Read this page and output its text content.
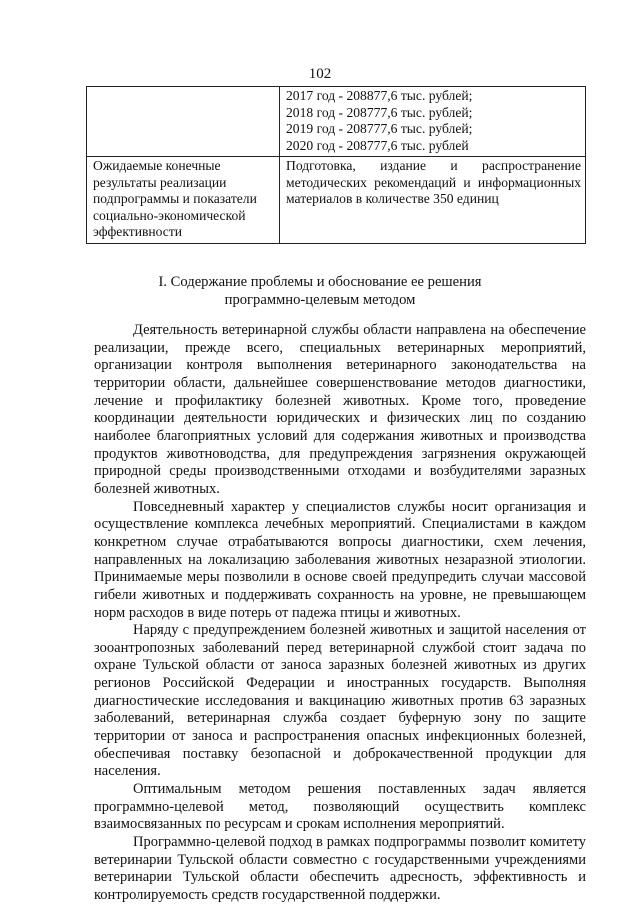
102

	2017 год - 208877,6 тыс. рублей;
2018 год - 208777,6 тыс. рублей;
2019 год - 208777,6 тыс. рублей;
2020 год - 208777,6 тыс. рублей

Ожидаемые конечные результаты реализации подпрограммы и показатели социально-экономической эффективности	Подготовка, издание и распространение методических рекомендаций и информационных материалов в количестве 350 единиц
I. Содержание проблемы и обоснование ее решения
программно-целевым методом

Деятельность ветеринарной службы области направлена на обеспечение реализации, прежде всего, специальных ветеринарных мероприятий, организации контроля выполнения ветеринарного законодательства на территории области, дальнейшее совершенствование методов диагностики, лечение и профилактику болезней животных. Кроме того, проведение координации деятельности юридических и физических лиц по созданию наиболее благоприятных условий для содержания животных и производства продуктов животноводства, для предупреждения загрязнения окружающей природной среды производственными отходами и возбудителями заразных болезней животных.

Повседневный характер у специалистов службы носит организация и осуществление комплекса лечебных мероприятий. Специалистами в каждом конкретном случае отрабатываются вопросы диагностики, схем лечения, направленных на локализацию заболевания животных незаразной этиологии. Принимаемые меры позволили в основе своей предупредить случаи массовой гибели животных и поддерживать сохранность на уровне, не превышающем норм расходов в виде потерь от падежа птицы и животных.

Наряду с предупреждением болезней животных и защитой населения от зооантропозных заболеваний перед ветеринарной службой стоит задача по охране Тульской области от заноса заразных болезней животных из других регионов Российской Федерации и иностранных государств. Выполняя диагностические исследования и вакцинацию животных против 63 заразных заболеваний, ветеринарная служба создает буферную зону по защите территории от заноса и распространения опасных инфекционных болезней, обеспечивая поставку безопасной и доброкачественной продукции для населения.

Оптимальным методом решения поставленных задач является программно-целевой метод, позволяющий осуществить комплекс взаимосвязанных по ресурсам и срокам исполнения мероприятий.

Программно-целевой подход в рамках подпрограммы позволит комитету ветеринарии Тульской области совместно с государственными учреждениями ветеринарии Тульской области обеспечить адресность, эффективность и контролируемость средств государственной поддержки.
